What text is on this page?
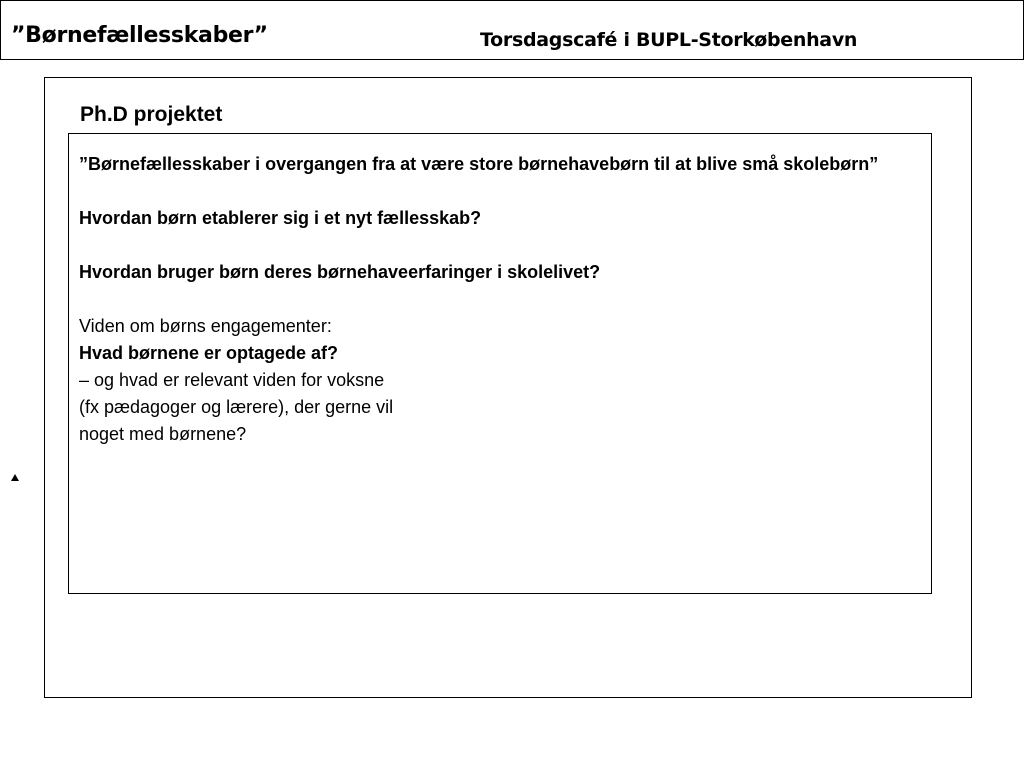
”Børnefællesskaber”	Torsdagscafé i BUPL-Storkøbenhavn
Ph.D projektet

”Børnefællesskaber i overgangen fra at være store børnehavebørn til at blive små skolebørn”

Hvordan børn etablerer sig i et nyt fællesskab?

Hvordan bruger børn deres børnehaveerfaringer i skolelivet?

Viden om børns engagementer:

Hvad børnene er optagede af?

– og hvad er relevant viden for voksne

(fx pædagoger og lærere), der gerne vil

noget med børnene?
